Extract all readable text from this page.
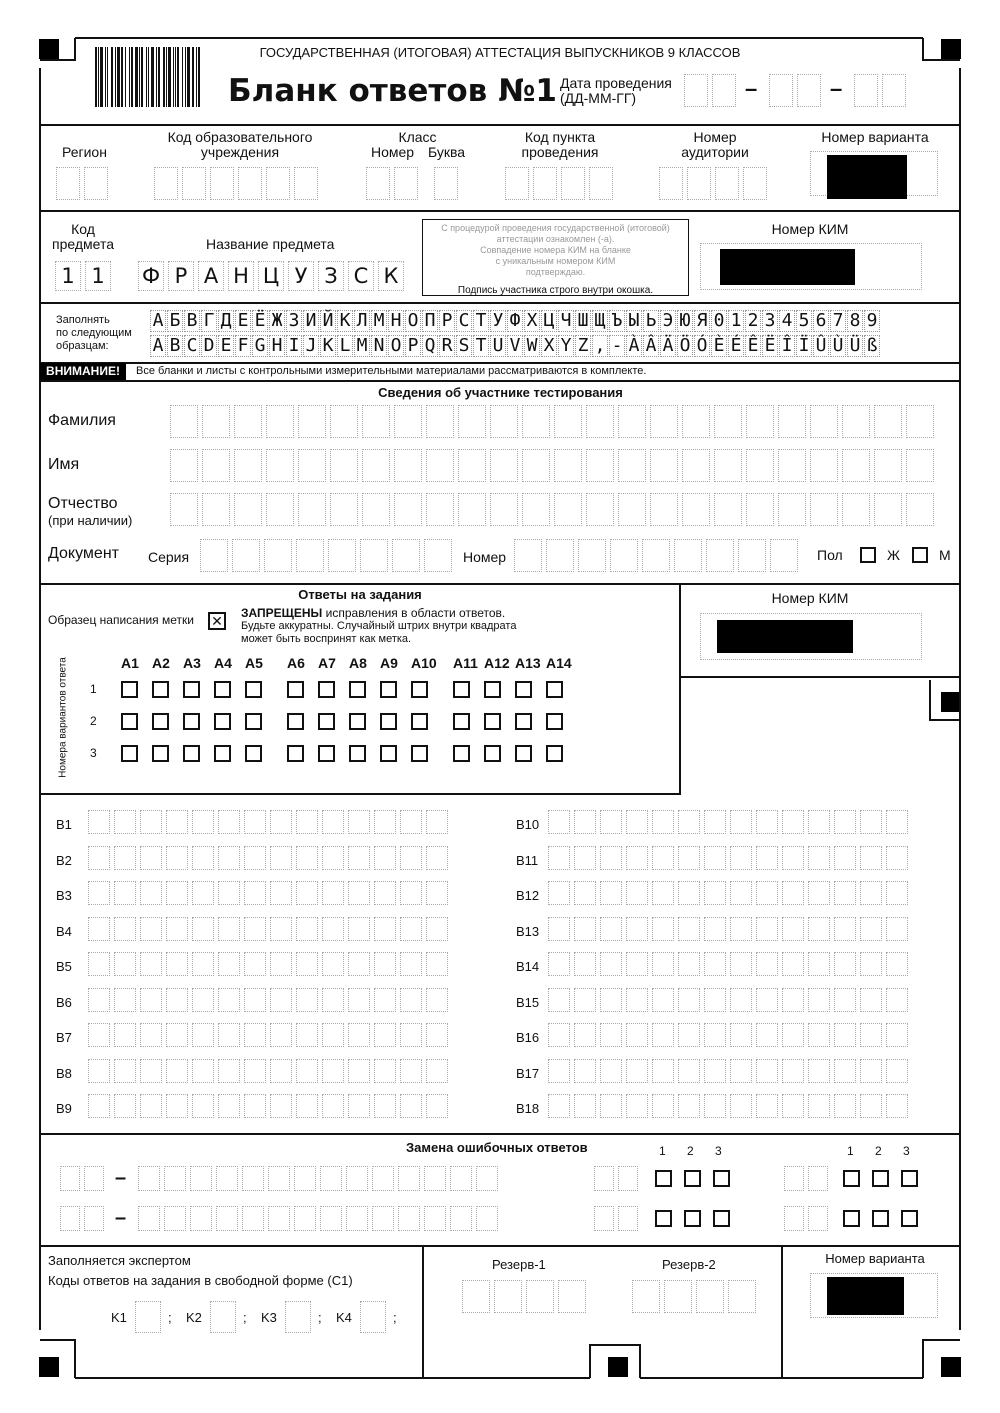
ГОСУДАРСТВЕННАЯ (ИТОГОВАЯ) АТТЕСТАЦИЯ ВЫПУСКНИКОВ 9 КЛАССОВ
Бланк ответов №1 Дата проведения
(ДД-ММ-ГГ)	–	–
Регион
Код образовательного
учреждения
Класс
Номер Буква
Код пункта
проведения
Номер
аудитории
Номер варианта
Код
предмета
1 1
Название предмета
Ф Р А Н Ц У З С К
С процедурой проведения государственной (итоговой)
аттестации ознакомлен (-а).
Совпадение номера КИМ на бланке
с уникальным номером КИМ
подтверждаю.
Подпись участника строго внутри окошка.
Номер КИМ
Заполнять
по следующим
образцам:
А Б В Г Д Е Ё Ж З И Й К Л М Н О П Р С Т У Ф Х Ц Ч Ш Щ Ъ Ы Ь Э Ю Я 0 1 2 3 4 5 6 7 8 9
A B C D E F G H I J K L M N O P Q R S T U V W X Y Z , - À Â Ä Ö Ó È É Ê Ë Î Ï Û Ù Ü ß
ВНИМАНИЕ!	Все бланки и листы с контрольными измерительными материалами рассматриваются в комплекте.
Сведения об участнике тестирования
Фамилия
Имя
Отчество
(при наличии)
Документ Серия	Номер	Пол	Ж	М
Ответы на задания
Образец написания метки ✕ ЗАПРЕЩЕНЫ исправления в области ответов.
Будьте аккуратны. Случайный штрих внутри квадрата
может быть воспринят как метка.
Номера вариантов ответа	A1 A2 A3 A4 A5 A6 A7 A8 A9 A10 A11 A12 A13 A14
1
2
3
Номер КИМ
B1
B2
B3
B4
B5
B6
B7
B8
B9
B10
B11
B12
B13
B14
B15
B16
B17
B18
Замена ошибочных ответов
–
–
1 2 3	1 2 3
Заполняется экспертом
Коды ответов на задания в свободной форме (С1)
K1	; K2	; K3	; K4	;
Резерв-1	Резерв-2	Номер варианта
